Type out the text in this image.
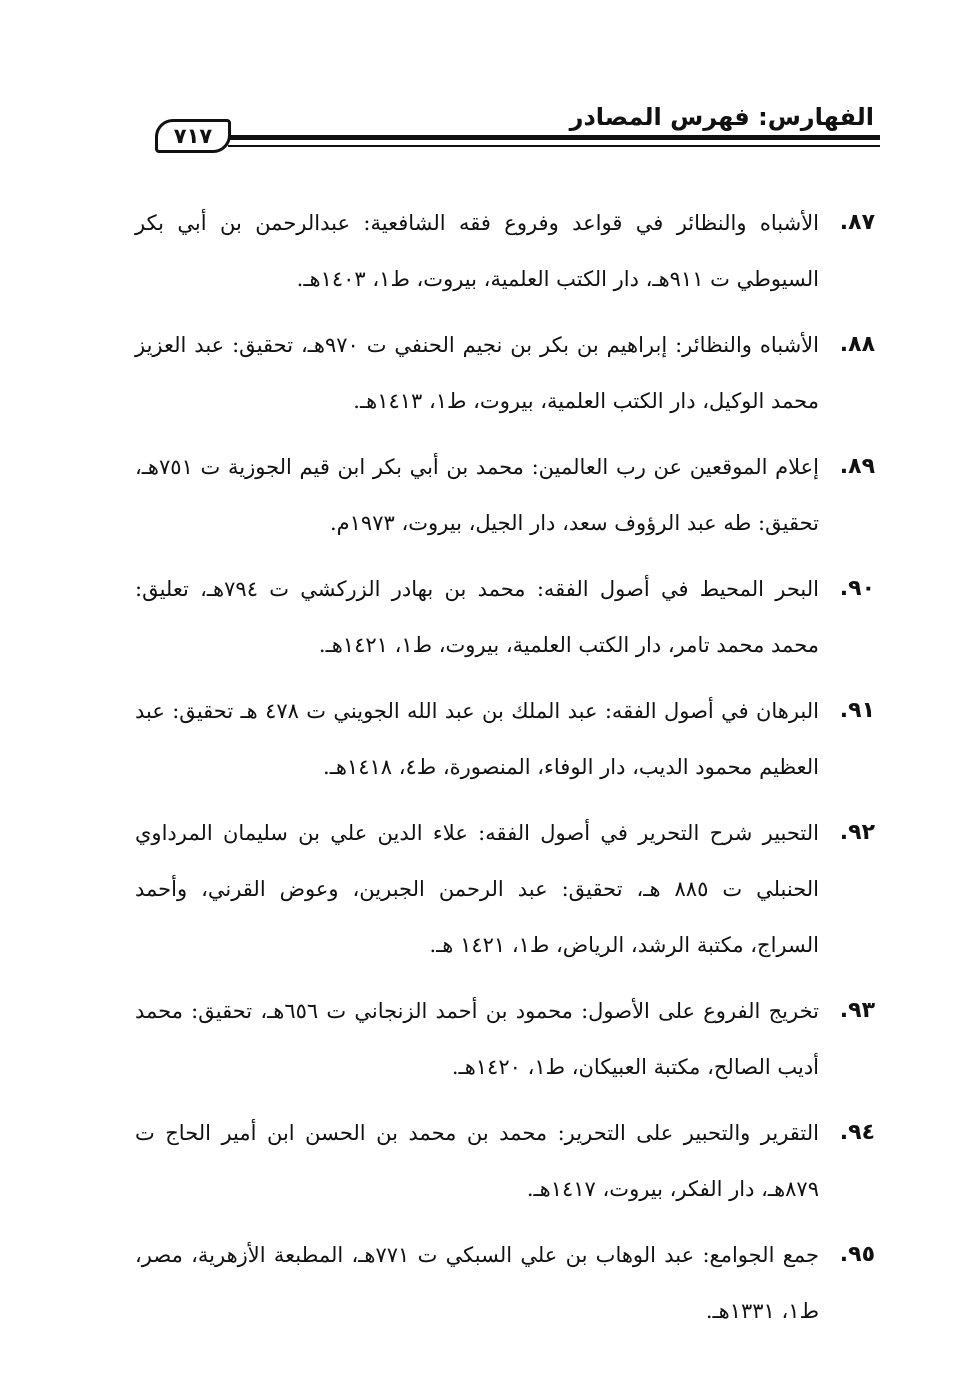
الفهارس: فهرس المصادر
٧١٧
٨٧.
الأشباه والنظائر في قواعد وفروع فقه الشافعية: عبدالرحمن بن أبي بكر السيوطي ت ٩١١هـ، دار الكتب العلمية، بيروت، ط١، ١٤٠٣هـ.
٨٨.
الأشباه والنظائر: إبراهيم بن بكر بن نجيم الحنفي ت ٩٧٠هـ، تحقيق: عبد العزيز محمد الوكيل، دار الكتب العلمية، بيروت، ط١، ١٤١٣هـ.
٨٩.
إعلام الموقعين عن رب العالمين: محمد بن أبي بكر ابن قيم الجوزية ت ٧٥١هـ، تحقيق: طه عبد الرؤوف سعد، دار الجيل، بيروت، ١٩٧٣م.
٩٠.
البحر المحيط في أصول الفقه: محمد بن بهادر الزركشي ت ٧٩٤هـ، تعليق: محمد محمد تامر، دار الكتب العلمية، بيروت، ط١، ١٤٢١هـ.
٩١.
البرهان في أصول الفقه: عبد الملك بن عبد الله الجويني ت ٤٧٨ هـ تحقيق: عبد العظيم محمود الديب، دار الوفاء، المنصورة، ط٤، ١٤١٨هـ.
٩٢.
التحبير شرح التحرير في أصول الفقه: علاء الدين علي بن سليمان المرداوي الحنبلي ت ٨٨٥ هـ، تحقيق: عبد الرحمن الجبرين، وعوض القرني، وأحمد السراج، مكتبة الرشد، الرياض، ط١، ١٤٢١ هـ.
٩٣.
تخريج الفروع على الأصول: محمود بن أحمد الزنجاني ت ٦٥٦هـ، تحقيق: محمد أديب الصالح، مكتبة العبيكان، ط١، ١٤٢٠هـ.
٩٤.
التقرير والتحبير على التحرير: محمد بن محمد بن الحسن ابن أمير الحاج ت ٨٧٩هـ، دار الفكر، بيروت، ١٤١٧هـ.
٩٥.
جمع الجوامع: عبد الوهاب بن علي السبكي ت ٧٧١هـ، المطبعة الأزهرية، مصر، ط١، ١٣٣١هـ.
